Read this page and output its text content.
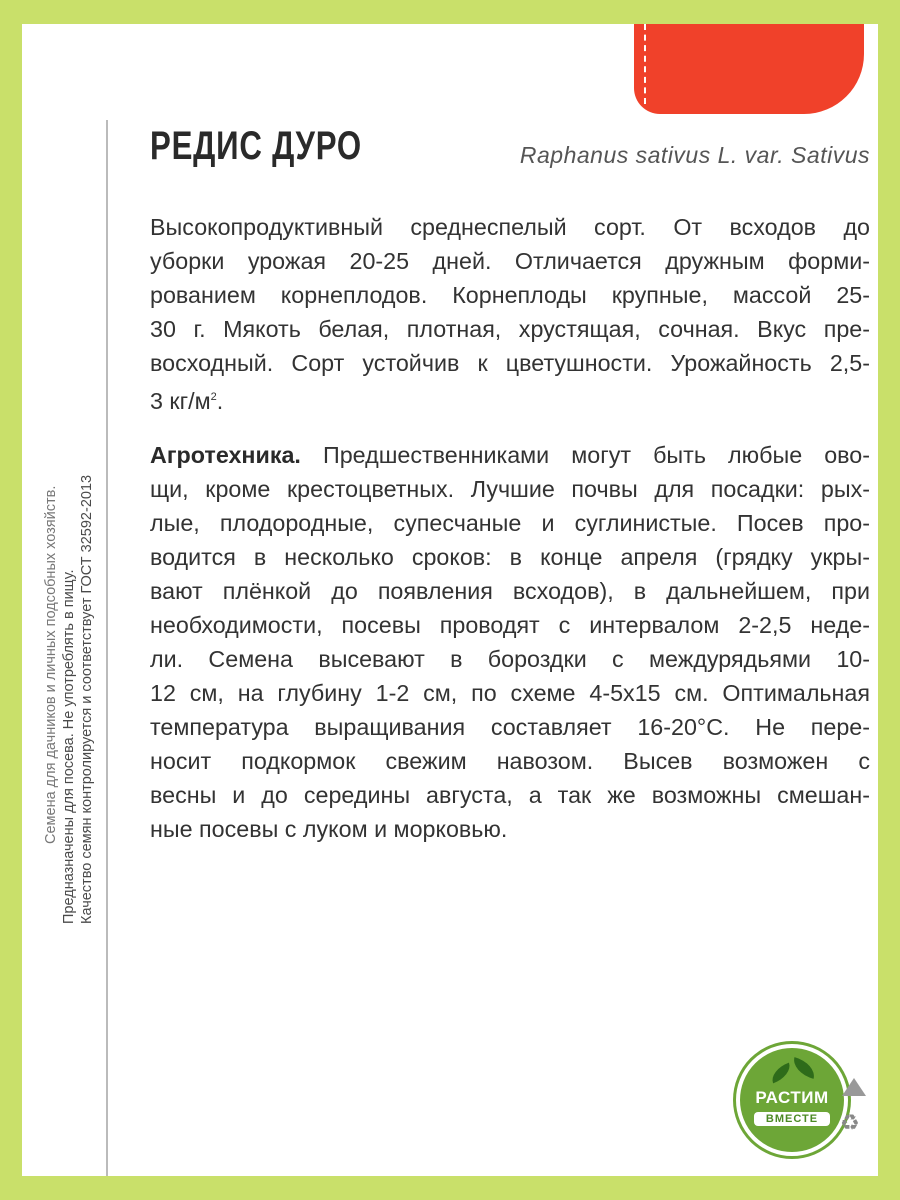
Семена для дачников и личных подсобных хозяйств. Предназначены для посева. Не употреблять в пищу. Качество семян контролируется и соответствует ГОСТ 32592-2013
РЕДИС ДУРО	Raphanus sativus L. var. Sativus
Высокопродуктивный среднеспелый сорт. От всходов до
уборки урожая 20-25 дней. Отличается дружным форми-
рованием корнеплодов. Корнеплоды крупные, массой 25-
30 г. Мякоть белая, плотная, хрустящая, сочная. Вкус пре-
восходный. Сорт устойчив к цветушности. Урожайность 2,5-
3 $кг/м^2$.
Агротехника. Предшественниками могут быть любые ово-
щи, кроме крестоцветных. Лучшие почвы для посадки: рых-
лые, плодородные, супесчаные и суглинистые. Посев про-
водится в несколько сроков: в конце апреля (грядку укры-
вают плёнкой до появления всходов), в дальнейшем, при
необходимости, посевы проводят с интервалом 2-2,5 неде-
ли. Семена высевают в бороздки с междурядьями 10-
12 см, на глубину 1-2 см, по схеме 4-5х15 см. Оптимальная
температура выращивания составляет 16-20°С. Не пере-
носит подкормок свежим навозом. Высев возможен с
весны и до середины августа, а так же возможны смешан-
ные посевы с луком и морковью.
РАСТИМ
ВМЕСТЕ ♻
